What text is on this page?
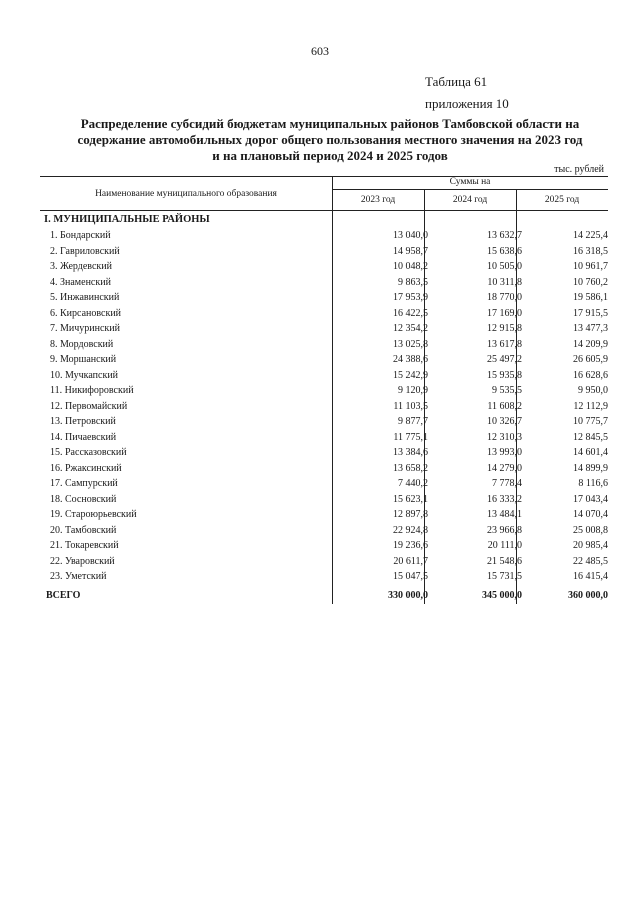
603
Таблица 61
приложения 10
Распределение субсидий бюджетам муниципальных районов Тамбовской области на
содержание автомобильных дорог общего пользования местного значения на 2023 год
и на плановый период 2024 и 2025 годов
тыс. рублей
Наименование муниципального образования
Суммы на
2023 год	2024 год	2025 год
I. МУНИЦИПАЛЬНЫЕ РАЙОНЫ
1. Бондарский	13 040,0	13 632,7	14 225,4
2. Гавриловский	14 958,7	15 638,6	16 318,5
3. Жердевский	10 048,2	10 505,0	10 961,7
4. Знаменский	9 863,5	10 311,8	10 760,2
5. Инжавинский	17 953,9	18 770,0	19 586,1
6. Кирсановский	16 422,5	17 169,0	17 915,5
7. Мичуринский	12 354,2	12 915,8	13 477,3
8. Мордовский	13 025,8	13 617,8	14 209,9
9. Моршанский	24 388,6	25 497,2	26 605,9
10. Мучкапский	15 242,9	15 935,8	16 628,6
11. Никифоровский	9 120,9	9 535,5	9 950,0
12. Первомайский	11 103,5	11 608,2	12 112,9
13. Петровский	9 877,7	10 326,7	10 775,7
14. Пичаевский	11 775,1	12 310,3	12 845,5
15. Рассказовский	13 384,6	13 993,0	14 601,4
16. Ржаксинский	13 658,2	14 279,0	14 899,9
17. Сампурский	7 440,2	7 778,4	8 116,6
18. Сосновский	15 623,1	16 333,2	17 043,4
19. Староюрьевский	12 897,8	13 484,1	14 070,4
20. Тамбовский	22 924,8	23 966,8	25 008,8
21. Токаревский	19 236,6	20 111,0	20 985,4
22. Уваровский	20 611,7	21 548,6	22 485,5
23. Уметский	15 047,5	15 731,5	16 415,4
ВСЕГО	330 000,0	345 000,0	360 000,0
